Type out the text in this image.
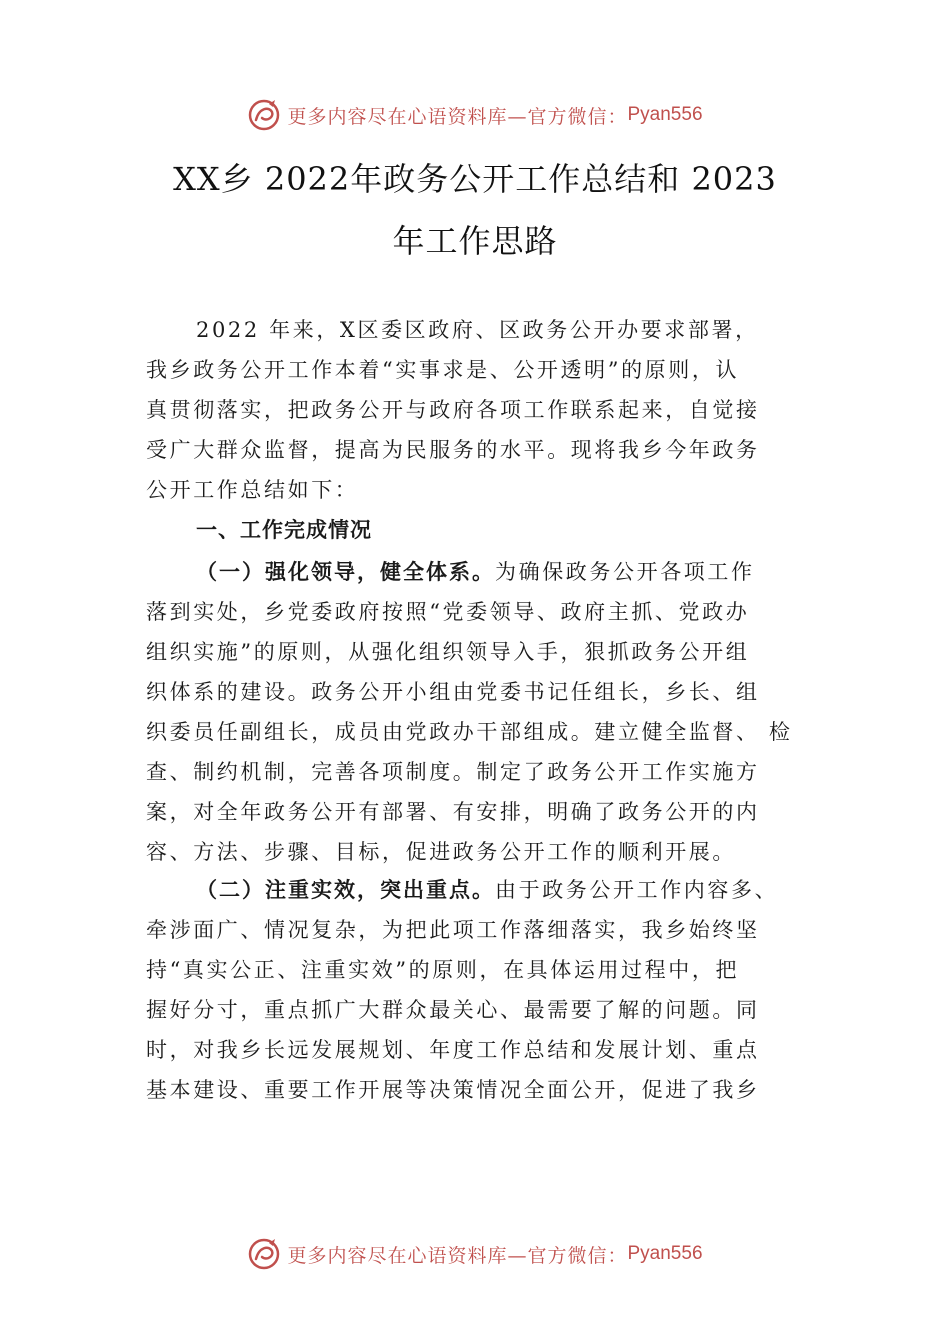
更多内容尽在心语资料库—官方微信： Pyan556
XX乡 2022年政务公开工作总结和 2023
年工作思路
2022 年来，X区委区政府、区政务公开办要求部署，
我乡政务公开工作本着“实事求是、公开透明”的原则，认
真贯彻落实，把政务公开与政府各项工作联系起来，自觉接
受广大群众监督，提高为民服务的水平。现将我乡今年政务
公开工作总结如下：
一、工作完成情况
（一）强化领导，健全体系。为确保政务公开各项工作
落到实处，乡党委政府按照“党委领导、政府主抓、党政办
组织实施”的原则，从强化组织领导入手，狠抓政务公开组
织体系的建设。政务公开小组由党委书记任组长，乡长、组
织委员任副组长，成员由党政办干部组成。建立健全监督、 检
查、制约机制，完善各项制度。制定了政务公开工作实施方
案，对全年政务公开有部署、有安排，明确了政务公开的内
容、方法、步骤、目标，促进政务公开工作的顺利开展。
（二）注重实效，突出重点。由于政务公开工作内容多、
牵涉面广、情况复杂，为把此项工作落细落实，我乡始终坚
持“真实公正、注重实效”的原则，在具体运用过程中，把
握好分寸，重点抓广大群众最关心、最需要了解的问题。同
时，对我乡长远发展规划、年度工作总结和发展计划、重点
基本建设、重要工作开展等决策情况全面公开，促进了我乡
更多内容尽在心语资料库—官方微信： Pyan556
